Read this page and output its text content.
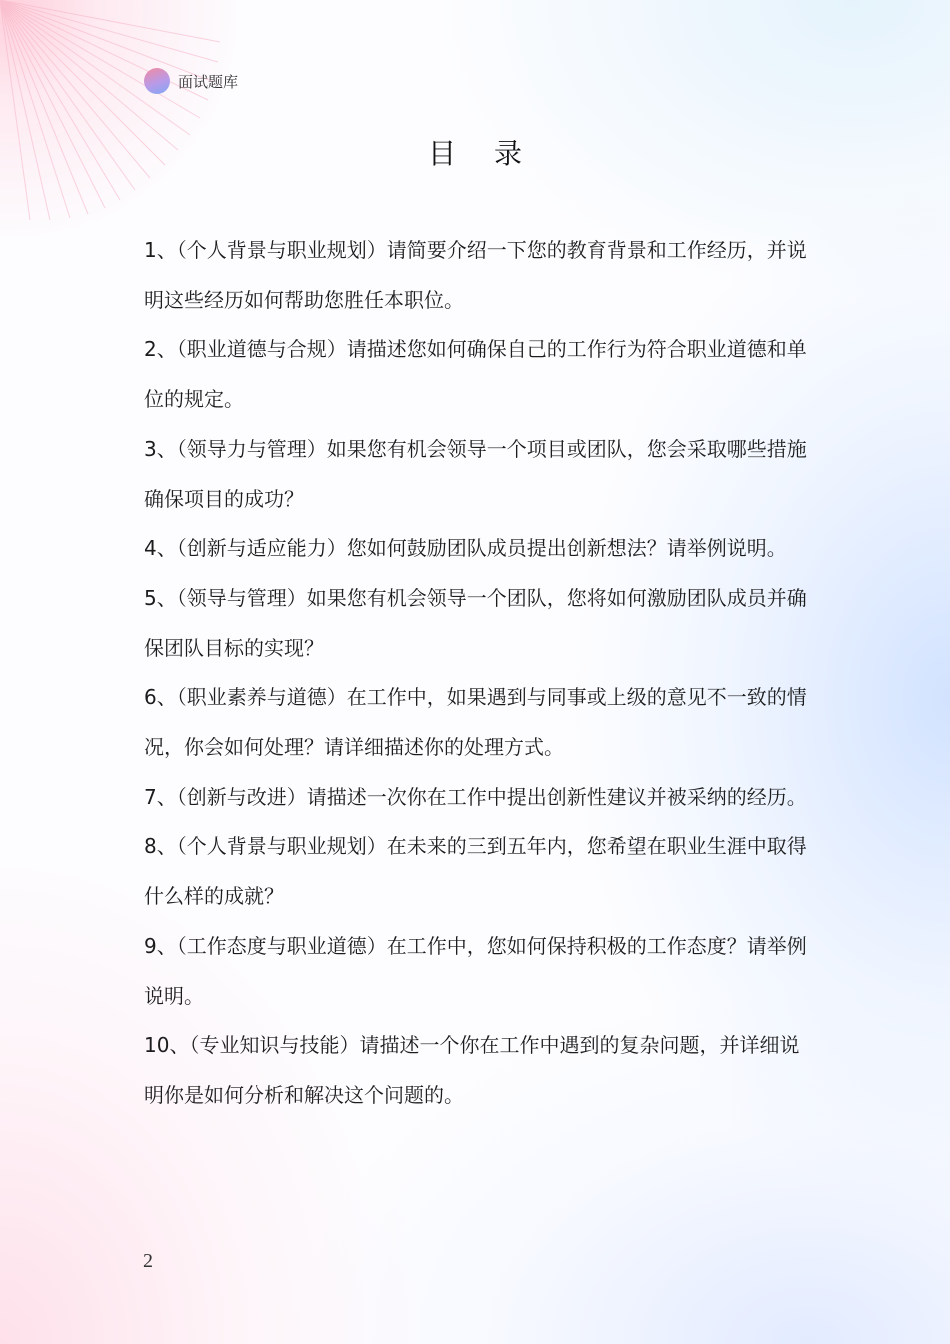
面试题库
目录

1、（个人背景与职业规划）请简要介绍一下您的教育背景和工作经历，并说明这些经历如何帮助您胜任本职位。

2、（职业道德与合规）请描述您如何确保自己的工作行为符合职业道德和单位的规定。

3、（领导力与管理）如果您有机会领导一个项目或团队，您会采取哪些措施确保项目的成功？

4、（创新与适应能力）您如何鼓励团队成员提出创新想法？请举例说明。

5、（领导与管理）如果您有机会领导一个团队，您将如何激励团队成员并确保团队目标的实现？

6、（职业素养与道德）在工作中，如果遇到与同事或上级的意见不一致的情况，你会如何处理？请详细描述你的处理方式。

7、（创新与改进）请描述一次你在工作中提出创新性建议并被采纳的经历。

8、（个人背景与职业规划）在未来的三到五年内，您希望在职业生涯中取得什么样的成就？

9、（工作态度与职业道德）在工作中，您如何保持积极的工作态度？请举例说明。

10、（专业知识与技能）请描述一个你在工作中遇到的复杂问题，并详细说明你是如何分析和解决这个问题的。

2
